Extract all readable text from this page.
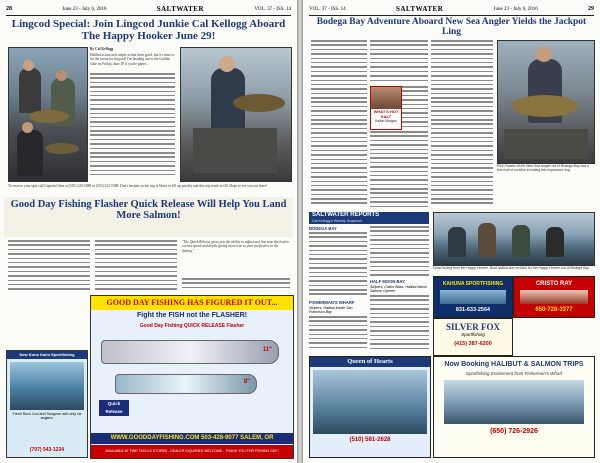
28	June 23 - July 6, 2016	SALTWATER	VOL. 37 - ISS. 14
Lingcod Special: Join Lingcod Junkie Cal Kellogg Aboard The Happy Hooker June 29!
By Cal Kellogg
Halibut action and striper action been good, but it's time to hit the ocean for lingcod! I'm heading out to the Golden Gate on Friday, June 29 if you're game...
To reserve your spot call Captain Chris at (510) 223-5388 or (510) 223-5388. Don't hesitate as the trip is likely to fill up quickly and this trip tends to fill. Hope to see you out there!
Good Day Fishing Flasher Quick Release Will Help You Land More Salmon!
"The Quick Release gives you the ability to adjust and fine tune the lead to correct speed and depth, giving more true to your preference in the fishing."
GOOD DAY FISHING HAS FIGURED IT OUT...
Fight the FISH not the FLASHER!
Good Day Fishing QUICK RELEASE Flasher
11"
8"
Quick Release
WWW.GOODDAYFISHING.COM 503-428-9077 SALEM, OR
AVAILABLE AT FINE TACKLE STORES - DEALER INQUIRIES WELCOME - THANK YOU FOR FISHING GDF!
New Kono Kaini Sportfishing
Fresh Rock Cod and Sturgeon with only six anglers.
(707) 543-1234
VOL. 37 - ISS. 14	SALTWATER	June 23 - July 6, 2016	29
Bodega Bay Adventure Aboard New Sea Angler Yields the Jackpot Ling
WHAT'S HOT SALT
Kaitlin Morgan
Rick Powers of the New Sea Angler out of Bodega Bay had a fine limit of rockfish including this impressive ling.
SALTWATER REPORTS
Cal Kellogg's Weekly Snapshot
BODEGA BAY
FISHERMAN'S WHARF
Stripers, Halibut Inside San Francisco Bay
HALF MOON BAY
Stripers, Calico Bass, Halibut About Salmon Opener
Good fishing from the Happy Hooker. Boat halibut and rockfish for the Happy Hooker out of Bodega Bay.
KAHUNA SPORTFISHING
831-633-2564
SILVER FOX
Sportfishing
(415) 387-6200
CRISTO RAY
650-728-3377
Queen of Hearts
(510) 581-2628
Now Booking HALIBUT & SALMON TRIPS
Sportfishing Excitement from Fishermen's Wharf
(650) 726-2926
